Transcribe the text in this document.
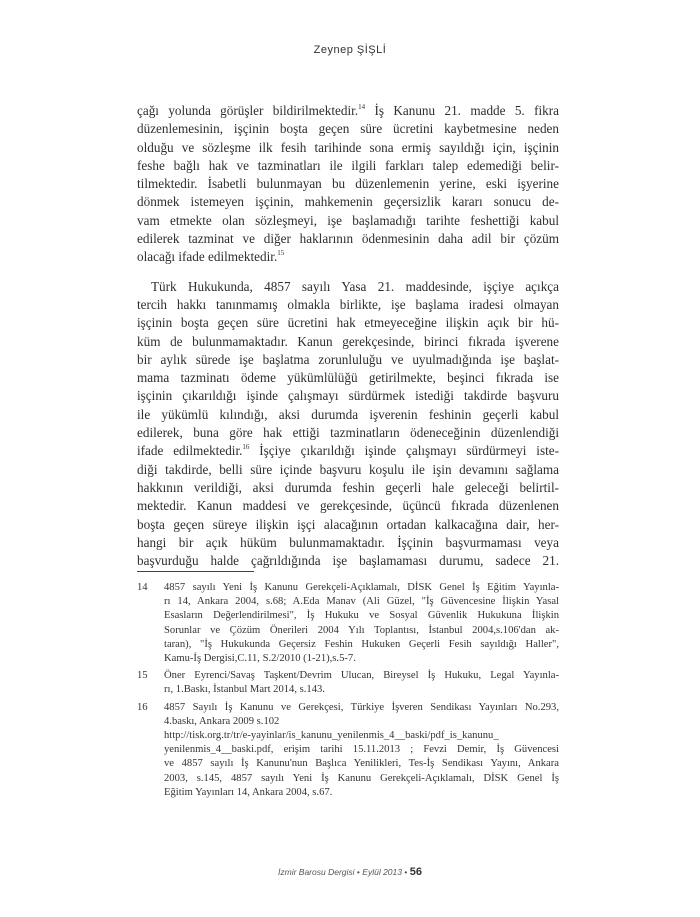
Zeynep ŞİŞLİ
çağı yolunda görüşler bildirilmektedir.$^{14}$ İş Kanunu 21. madde 5. fikra
düzenlemesinin, işçinin boşta geçen süre ücretini kaybetmesine neden
olduğu ve sözleşme ilk fesih tarihinde sona ermiş sayıldığı için, işçinin
feshe bağlı hak ve tazminatları ile ilgili farkları talep edemediği belir-
tilmektedir. İsabetli bulunmayan bu düzenlemenin yerine, eski işyerine
dönmek istemeyen işçinin, mahkemenin geçersizlik kararı sonucu de-
vam etmekte olan sözleşmeyi, işe başlamadığı tarihte feshettiği kabul
edilerek tazminat ve diğer haklarının ödenmesinin daha adil bir çözüm
olacağı ifade edilmektedir.$^{15}$
Türk Hukukunda, 4857 sayılı Yasa 21. maddesinde, işçiye açıkça
tercih hakkı tanınmamış olmakla birlikte, işe başlama iradesi olmayan
işçinin boşta geçen süre ücretini hak etmeyeceğine ilişkin açık bir hü-
küm de bulunmamaktadır. Kanun gerekçesinde, birinci fıkrada işverene
bir aylık sürede işe başlatma zorunluluğu ve uyulmadığında işe başlat-
mama tazminatı ödeme yükümlülüğü getirilmekte, beşinci fıkrada ise
işçinin çıkarıldığı işinde çalışmayı sürdürmek istediği takdirde başvuru
ile yükümlü kılındığı, aksi durumda işverenin feshinin geçerli kabul
edilerek, buna göre hak ettiği tazminatların ödeneceğinin düzenlendiği
ifade edilmektedir.$^{16}$ İşçiye çıkarıldığı işinde çalışmayı sürdürmeyi iste-
diği takdirde, belli süre içinde başvuru koşulu ile işin devamını sağlama
hakkının verildiği, aksi durumda feshin geçerli hale geleceği belirtil-
mektedir. Kanun maddesi ve gerekçesinde, üçüncü fıkrada düzenlenen
boşta geçen süreye ilişkin işçi alacağının ortadan kalkacağına dair, her-
hangi bir açık hüküm bulunmamaktadır. İşçinin başvurmaması veya
başvurduğu halde çağrıldığında işe başlamaması durumu, sadece 21.
14	4857 sayılı Yeni İş Kanunu Gerekçeli-Açıklamalı, DİSK Genel İş Eğitim Yayınla-
rı 14, Ankara 2004, s.68; A.Eda Manav (Ali Güzel, "İş Güvencesine İlişkin Yasal
Esasların Değerlendirilmesi", İş Hukuku ve Sosyal Güvenlik Hukukuna İlişkin
Sorunlar ve Çözüm Önerileri 2004 Yılı Toplantısı, İstanbul 2004,s.106'dan ak-
taran), "İş Hukukunda Geçersiz Feshin Hukuken Geçerli Fesih sayıldığı Haller",
Kamu-İş Dergisi,C.11, S.2/2010 (1-21),s.5-7.
15	Öner Eyrenci/Savaş Taşkent/Devrim Ulucan, Bireysel İş Hukuku, Legal Yayınla-
rı, 1.Baskı, İstanbul Mart 2014, s.143.
16	4857 Sayılı İş Kanunu ve Gerekçesi, Türkiye İşveren Sendikası Yayınları No.293,
4.baskı, Ankara 2009 s.102
http://tisk.org.tr/tr/e-yayinlar/is_kanunu_yenilenmis_4__baski/pdf_is_kanunu_
yenilenmis_4__baski.pdf, erişim tarihi 15.11.2013 ; Fevzi Demir, İş Güvencesi
ve 4857 sayılı İş Kanunu'nun Başlıca Yenilikleri, Tes-İş Sendikası Yayını, Ankara
2003, s.145, 4857 sayılı Yeni İş Kanunu Gerekçeli-Açıklamalı, DİSK Genel İş
Eğitim Yayınları 14, Ankara 2004, s.67.
İzmir Barosu Dergisi • Eylül 2013 • 56
